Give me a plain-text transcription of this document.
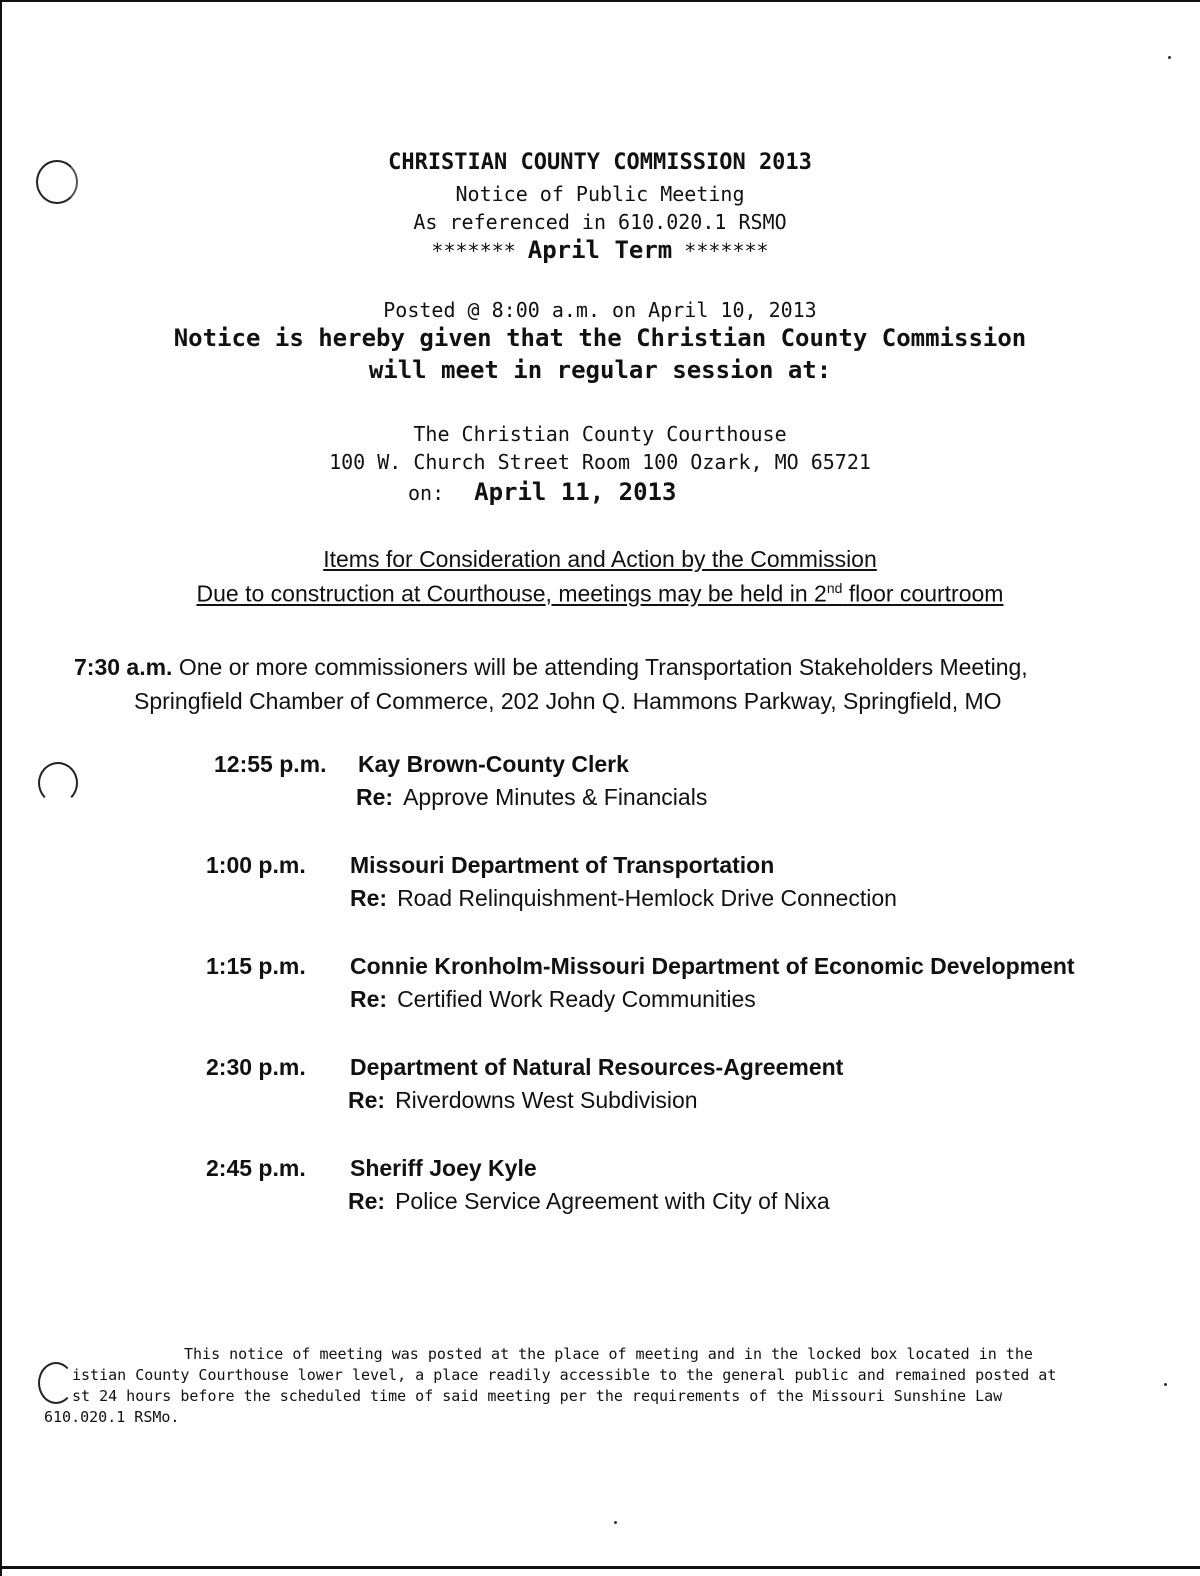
CHRISTIAN COUNTY COMMISSION 2013
Notice of Public Meeting
As referenced in 610.020.1 RSMO
******* April Term *******
Posted @ 8:00 a.m. on April 10, 2013
Notice is hereby given that the Christian County Commission
will meet in regular session at:
The Christian County Courthouse
100 W. Church Street Room 100 Ozark, MO 65721
on: April 11, 2013
Items for Consideration and Action by the Commission
Due to construction at Courthouse, meetings may be held in 2nd floor courtroom
7:30 a.m. One or more commissioners will be attending Transportation Stakeholders Meeting,
Springfield Chamber of Commerce, 202 John Q. Hammons Parkway, Springfield, MO
12:55 p.m. Kay Brown-County Clerk
Re: Approve Minutes & Financials
1:00 p.m. Missouri Department of Transportation
Re: Road Relinquishment-Hemlock Drive Connection
1:15 p.m. Connie Kronholm-Missouri Department of Economic Development
Re: Certified Work Ready Communities
2:30 p.m. Department of Natural Resources-Agreement
Re: Riverdowns West Subdivision
2:45 p.m. Sheriff Joey Kyle
Re: Police Service Agreement with City of Nixa
This notice of meeting was posted at the place of meeting and in the locked box located in the
istian County Courthouse lower level, a place readily accessible to the general public and remained posted at
st 24 hours before the scheduled time of said meeting per the requirements of the Missouri Sunshine Law
610.020.1 RSMo.
